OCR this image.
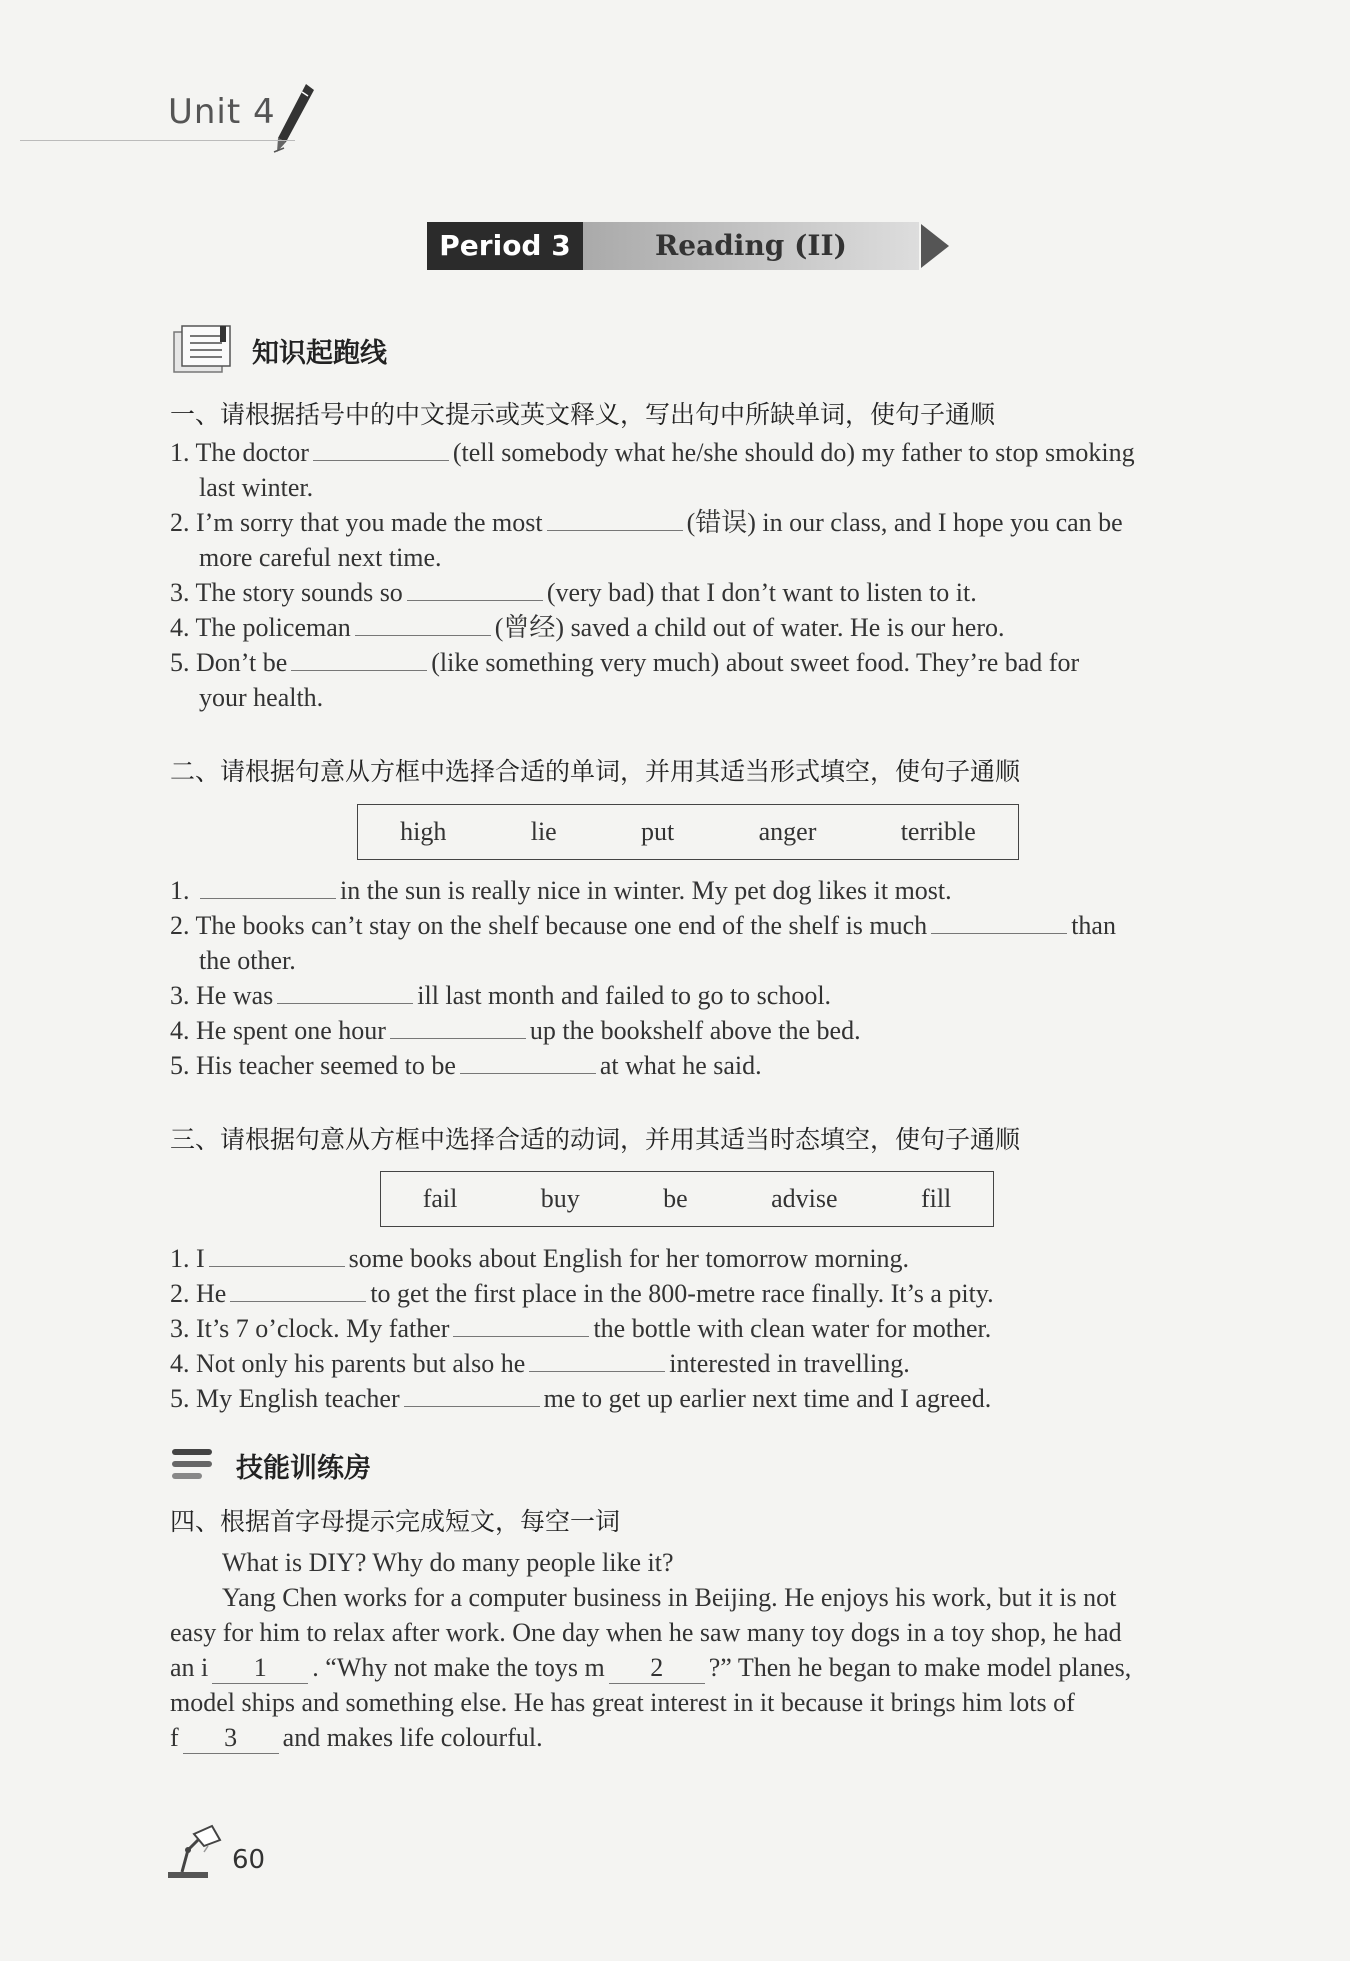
Unit 4
Period 3	Reading (II)
知识起跑线
一、请根据括号中的中文提示或英文释义，写出句中所缺单词，使句子通顺
1. The doctor	(tell somebody what he/she should do) my father to stop smoking
last winter.
2. I’m sorry that you made the most	(错误) in our class, and I hope you can be
more careful next time.
3. The story sounds so	(very bad) that I don’t want to listen to it.
4. The policeman	(曾经) saved a child out of water. He is our hero.
5. Don’t be	(like something very much) about sweet food. They’re bad for
your health.
二、请根据句意从方框中选择合适的单词，并用其适当形式填空，使句子通顺
high	lie	put	anger	terrible
1.	in the sun is really nice in winter. My pet dog likes it most.
2. The books can’t stay on the shelf because one end of the shelf is much	than
the other.
3. He was	ill last month and failed to go to school.
4. He spent one hour	up the bookshelf above the bed.
5. His teacher seemed to be	at what he said.
三、请根据句意从方框中选择合适的动词，并用其适当时态填空，使句子通顺
fail	buy	be	advise	fill
1. I	some books about English for her tomorrow morning.
2. He	to get the first place in the 800-metre race finally. It’s a pity.
3. It’s 7 o’clock. My father	the bottle with clean water for mother.
4. Not only his parents but also he	interested in travelling.
5. My English teacher	me to get up earlier next time and I agreed.
技能训练房
四、根据首字母提示完成短文，每空一词
What is DIY? Why do many people like it?
Yang Chen works for a computer business in Beijing. He enjoys his work, but it is not
easy for him to relax after work. One day when he saw many toy dogs in a toy shop, he had
an i 1 . “Why not make the toys m 2 ?” Then he began to make model planes,
model ships and something else. He has great interest in it because it brings him lots of
f 3 and makes life colourful.
60
